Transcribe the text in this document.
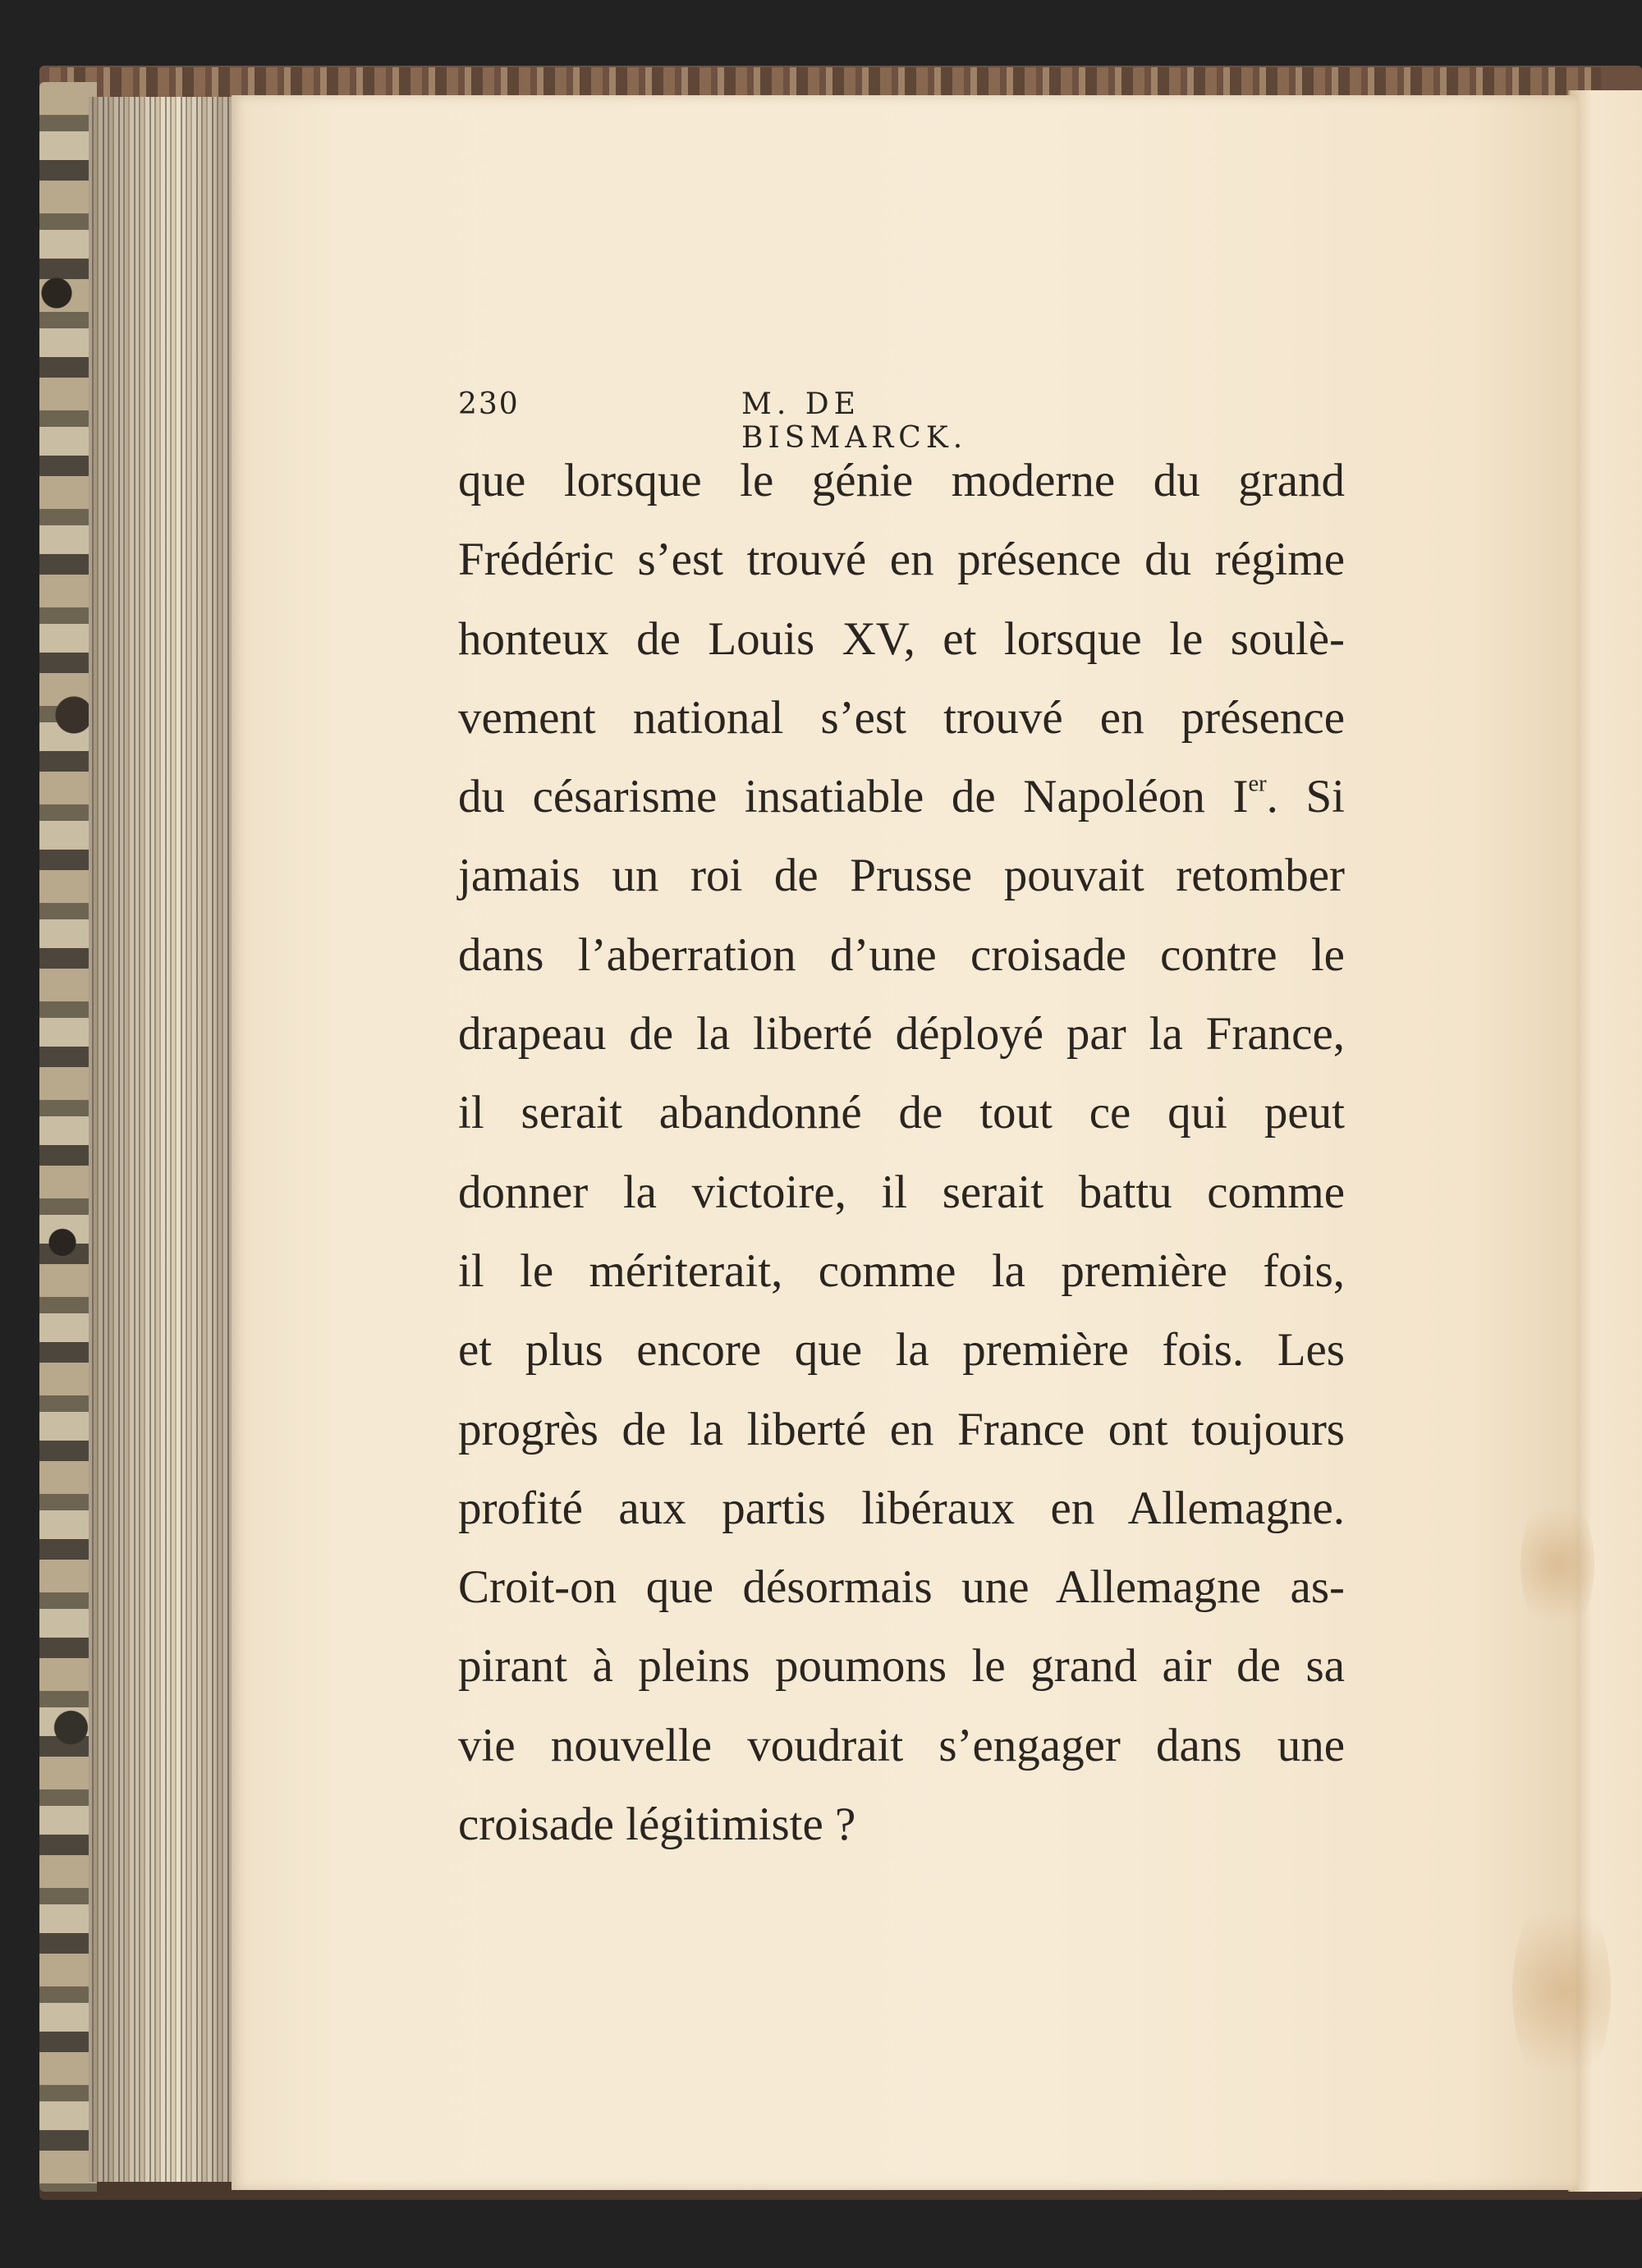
230	M. DE BISMARCK.
que lorsque le génie moderne du grand
Frédéric s’est trouvé en présence du régime
honteux de Louis XV, et lorsque le soulè-
vement national s’est trouvé en présence
du césarisme insatiable de Napoléon Ier. Si
jamais un roi de Prusse pouvait retomber
dans l’aberration d’une croisade contre le
drapeau de la liberté déployé par la France,
il serait abandonné de tout ce qui peut
donner la victoire, il serait battu comme
il le mériterait, comme la première fois,
et plus encore que la première fois. Les
progrès de la liberté en France ont toujours
profité aux partis libéraux en Allemagne.
Croit-on que désormais une Allemagne as-
pirant à pleins poumons le grand air de sa
vie nouvelle voudrait s’engager dans une
croisade légitimiste ?
